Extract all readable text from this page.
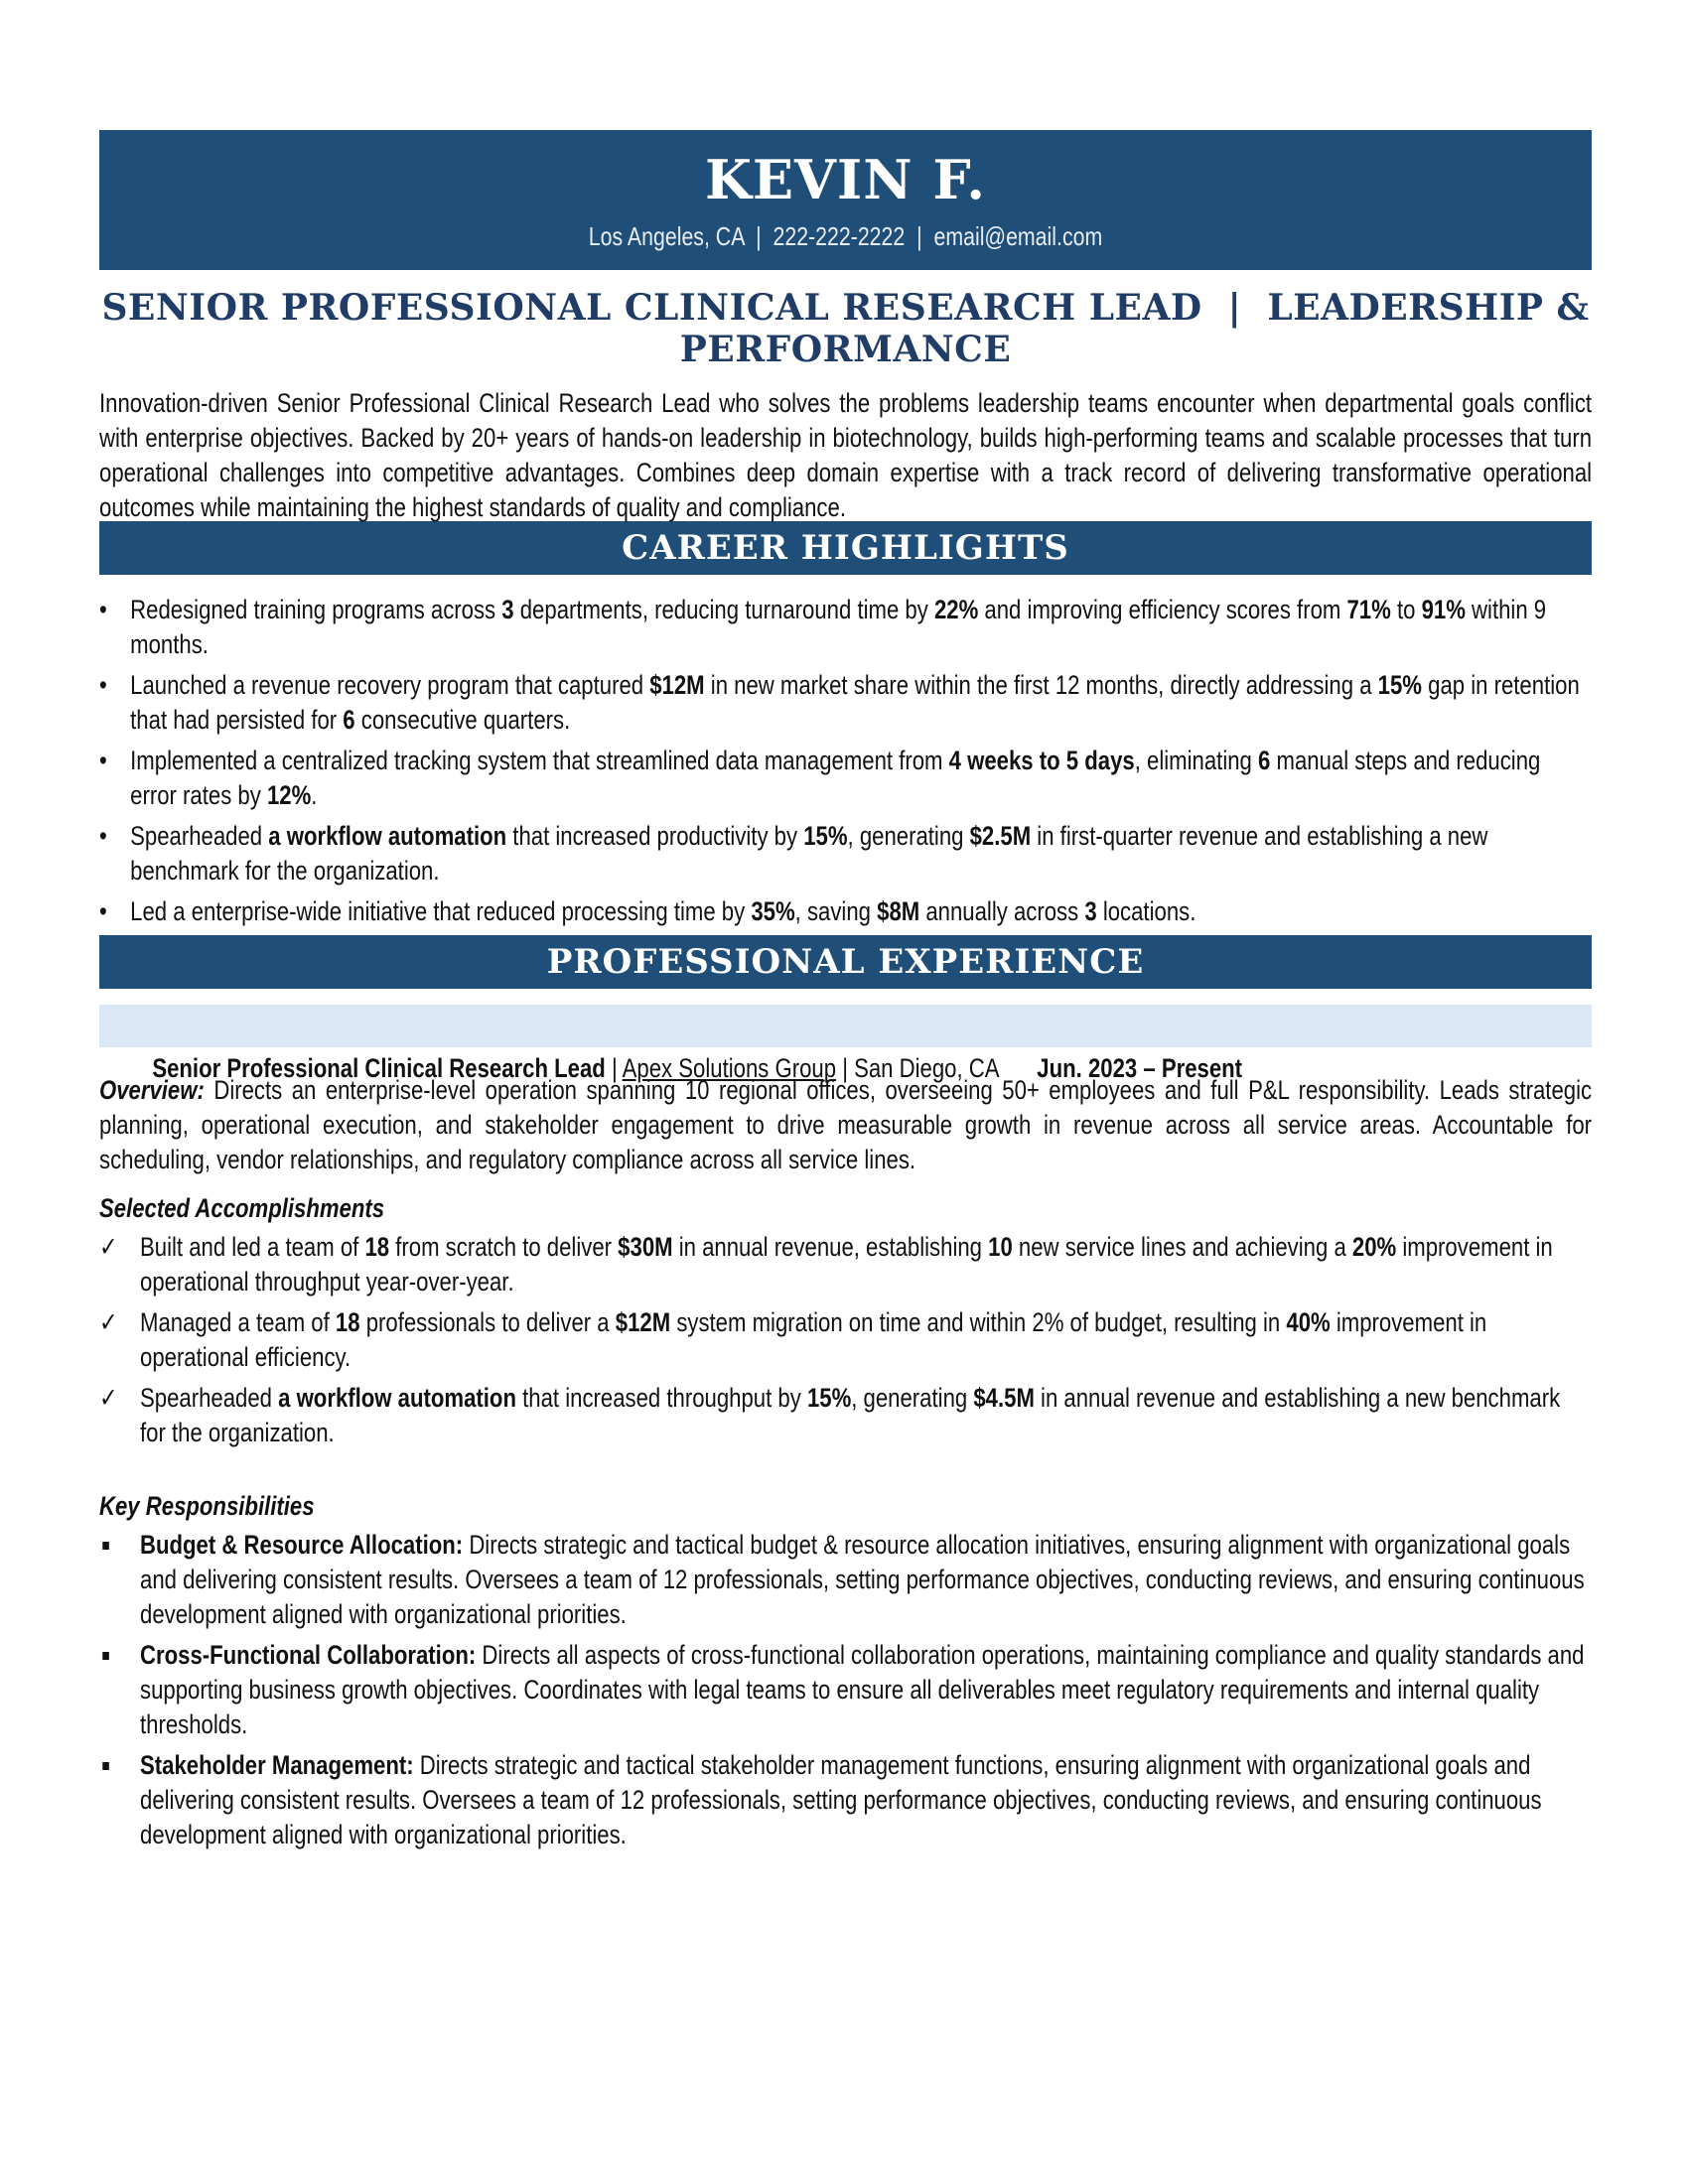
KEVIN F.
Los Angeles, CA  |  222-222-2222  |  email@email.com
SENIOR PROFESSIONAL CLINICAL RESEARCH LEAD  |  LEADERSHIP &
PERFORMANCE
Innovation-driven Senior Professional Clinical Research Lead who solves the problems leadership teams encounter when departmental goals conflict with enterprise objectives. Backed by 20+ years of hands-on leadership in biotechnology, builds high-performing teams and scalable processes that turn operational challenges into competitive advantages. Combines deep domain expertise with a track record of delivering transformative operational outcomes while maintaining the highest standards of quality and compliance.
CAREER HIGHLIGHTS
• Redesigned training programs across 3 departments, reducing turnaround time by 22% and improving efficiency scores from 71% to 91% within 9 months.
• Launched a revenue recovery program that captured $12M in new market share within the first 12 months, directly addressing a 15% gap in retention that had persisted for 6 consecutive quarters.
• Implemented a centralized tracking system that streamlined data management from 4 weeks to 5 days, eliminating 6 manual steps and reducing error rates by 12%.
• Spearheaded a workflow automation that increased productivity by 15%, generating $2.5M in first-quarter revenue and establishing a new benchmark for the organization.
• Led a enterprise-wide initiative that reduced processing time by 35%, saving $8M annually across 3 locations.
PROFESSIONAL EXPERIENCE

Senior Professional Clinical Research Lead | Apex Solutions Group | San Diego, CA Jun. 2023 – Present

Overview: Directs an enterprise-level operation spanning 10 regional offices, overseeing 50+ employees and full P&L responsibility. Leads strategic planning, operational execution, and stakeholder engagement to drive measurable growth in revenue across all service areas. Accountable for scheduling, vendor relationships, and regulatory compliance across all service lines.
Selected Accomplishments
✓ Built and led a team of 18 from scratch to deliver $30M in annual revenue, establishing 10 new service lines and achieving a 20% improvement in operational throughput year-over-year.
✓ Managed a team of 18 professionals to deliver a $12M system migration on time and within 2% of budget, resulting in 40% improvement in operational efficiency.
✓ Spearheaded a workflow automation that increased throughput by 15%, generating $4.5M in annual revenue and establishing a new benchmark for the organization.
Key Responsibilities
Budget & Resource Allocation: Directs strategic and tactical budget & resource allocation initiatives, ensuring alignment with organizational goals and delivering consistent results. Oversees a team of 12 professionals, setting performance objectives, conducting reviews, and ensuring continuous development aligned with organizational priorities.
Cross-Functional Collaboration: Directs all aspects of cross-functional collaboration operations, maintaining compliance and quality standards and supporting business growth objectives. Coordinates with legal teams to ensure all deliverables meet regulatory requirements and internal quality thresholds.
Stakeholder Management: Directs strategic and tactical stakeholder management functions, ensuring alignment with organizational goals and delivering consistent results. Oversees a team of 12 professionals, setting performance objectives, conducting reviews, and ensuring continuous development aligned with organizational priorities.
